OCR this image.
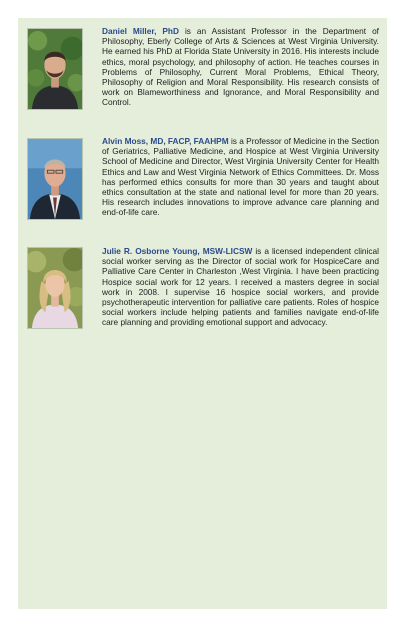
Daniel Miller, PhD is an Assistant Professor in the Department of Philosophy, Eberly College of Arts & Sciences at West Virginia University. He earned his PhD at Florida State University in 2016. His interests include ethics, moral psychology, and philosophy of action. He teaches courses in Problems of Philosophy, Current Moral Problems, Ethical Theory, Philosophy of Religion and Moral Responsibility. His research consists of work on Blameworthiness and Ignorance, and Moral Responsibility and Control.
Alvin Moss, MD, FACP, FAAHPM is a Professor of Medicine in the Section of Geriatrics, Palliative Medicine, and Hospice at West Virginia University School of Medicine and Director, West Virginia University Center for Health Ethics and Law and West Virginia Network of Ethics Committees. Dr. Moss has performed ethics consults for more than 30 years and taught about ethics consultation at the state and national level for more than 20 years. His research includes innovations to improve advance care planning and end-of-life care.
Julie R. Osborne Young, MSW-LICSW is a licensed independent clinical social worker serving as the Director of social work for HospiceCare and Palliative Care Center in Charleston ,West Virginia. I have been practicing Hospice social work for 12 years. I received a masters degree in social work in 2008. I supervise 16 hospice social workers, and provide psychotherapeutic intervention for palliative care patients. Roles of hospice social workers include helping patients and families navigate end-of-life care planning and providing emotional support and advocacy.
